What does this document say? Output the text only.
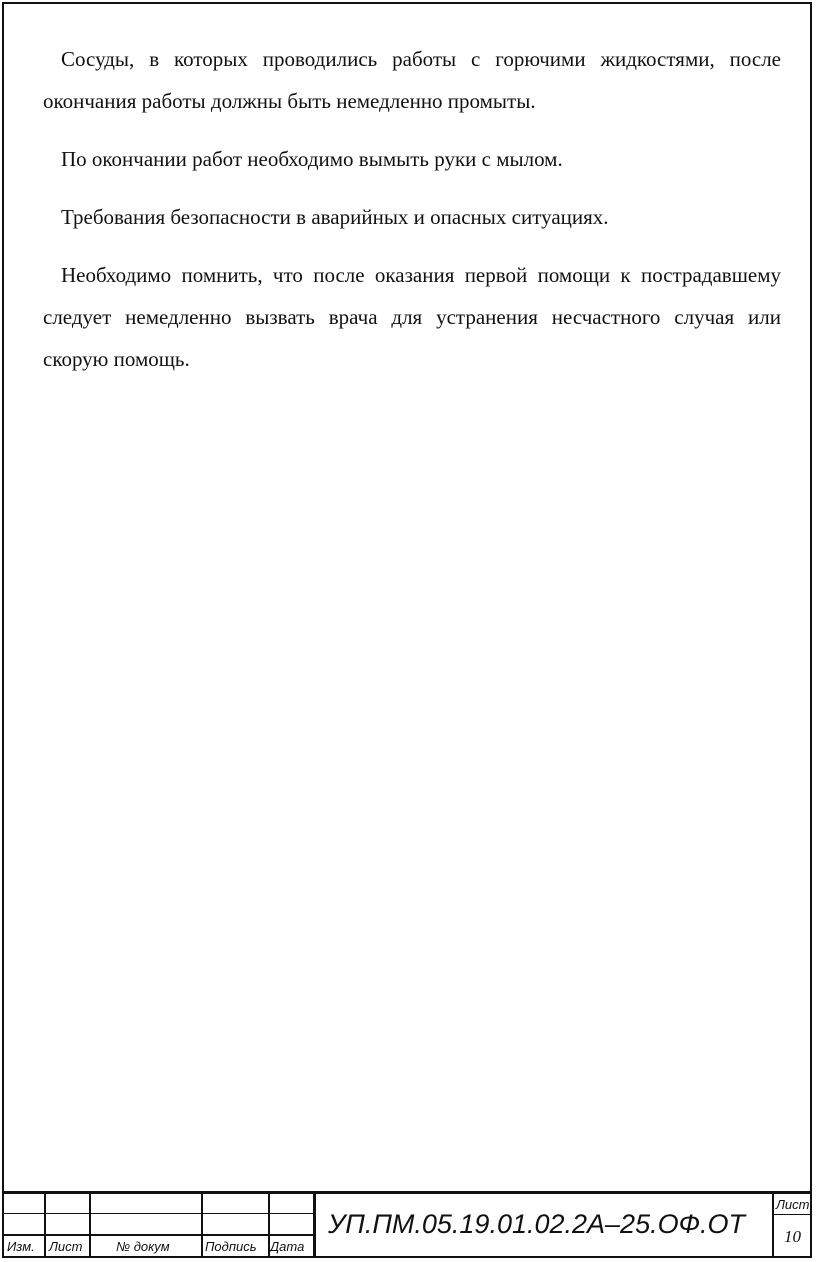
Сосуды, в которых проводились работы с горючими жидкостями, после окончания работы должны быть немедленно промыты.

По окончании работ необходимо вымыть руки с мылом.

Требования безопасности в аварийных и опасных ситуациях.

Необходимо помнить, что после оказания первой помощи к пострадавшему следует немедленно вызвать врача для устранения несчастного случая или скорую помощь.

Изм. Лист	№ докум	Подпись Дата
УП.ПМ.05.19.01.02.2А–25.ОФ.ОТ
Лист
10
